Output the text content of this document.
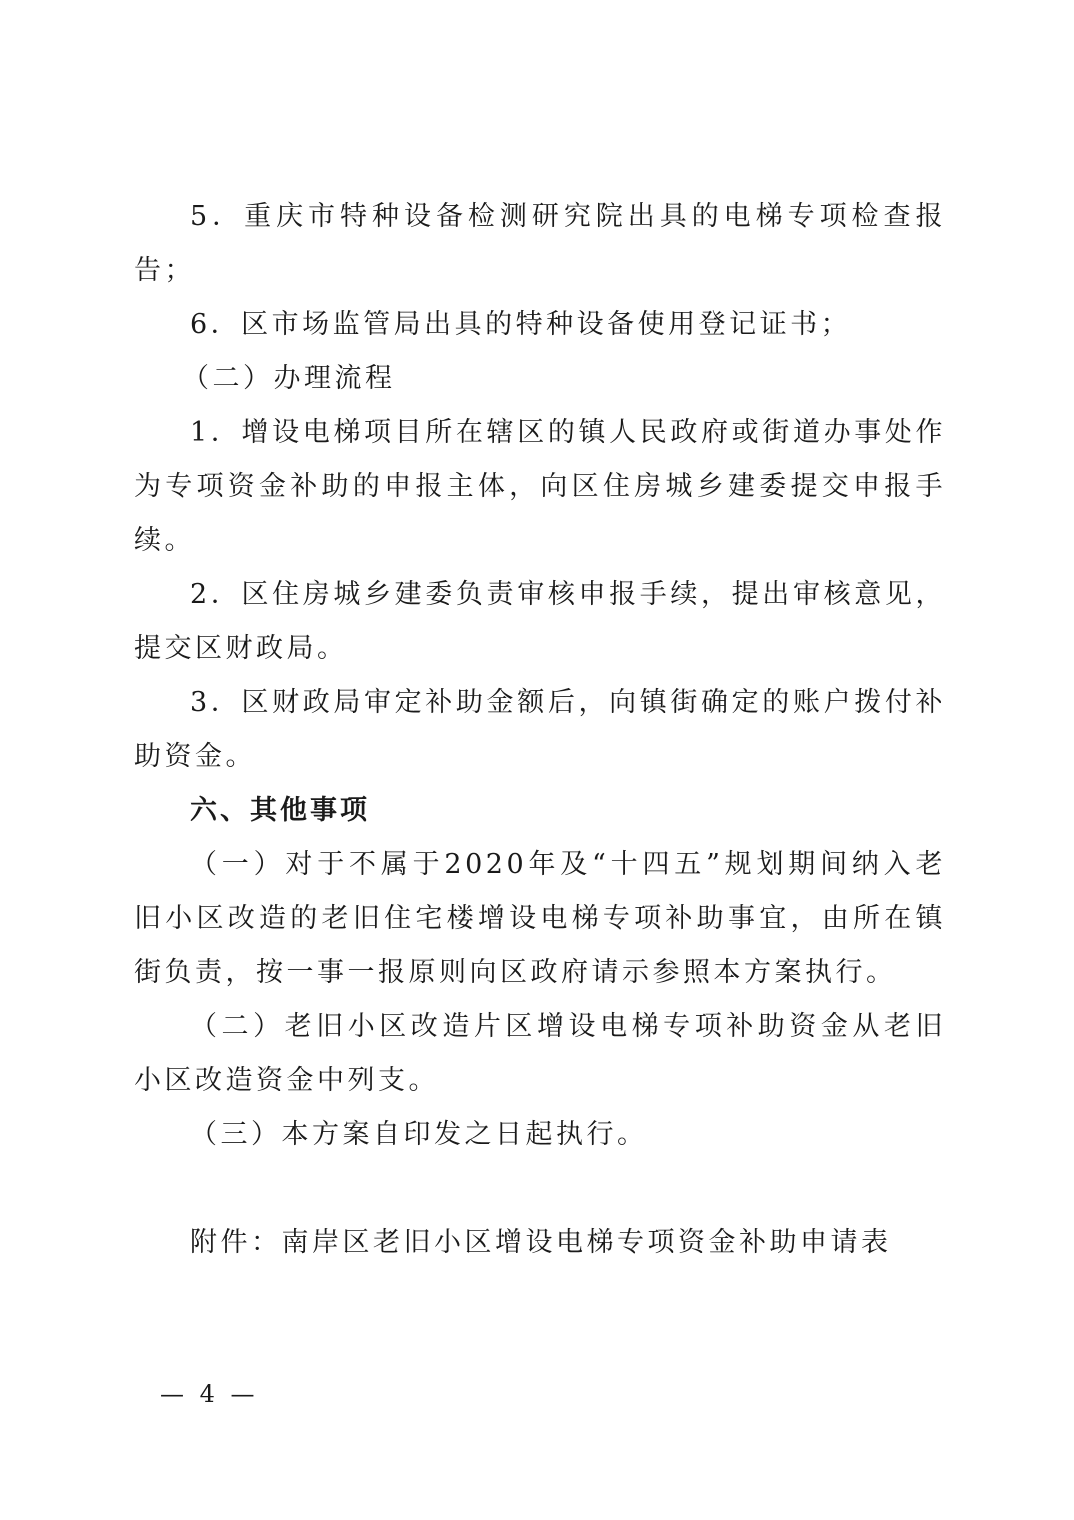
5．重庆市特种设备检测研究院出具的电梯专项检查报告；

6．区市场监管局出具的特种设备使用登记证书；

（二）办理流程

1．增设电梯项目所在辖区的镇人民政府或街道办事处作为专项资金补助的申报主体，向区住房城乡建委提交申报手续。

2．区住房城乡建委负责审核申报手续，提出审核意见，提交区财政局。

3．区财政局审定补助金额后，向镇街确定的账户拨付补助资金。

六、其他事项

（一）对于不属于2020年及“十四五”规划期间纳入老旧小区改造的老旧住宅楼增设电梯专项补助事宜，由所在镇街负责，按一事一报原则向区政府请示参照本方案执行。

（二）老旧小区改造片区增设电梯专项补助资金从老旧小区改造资金中列支。

（三）本方案自印发之日起执行。

附件：南岸区老旧小区增设电梯专项资金补助申请表

— 4 —
